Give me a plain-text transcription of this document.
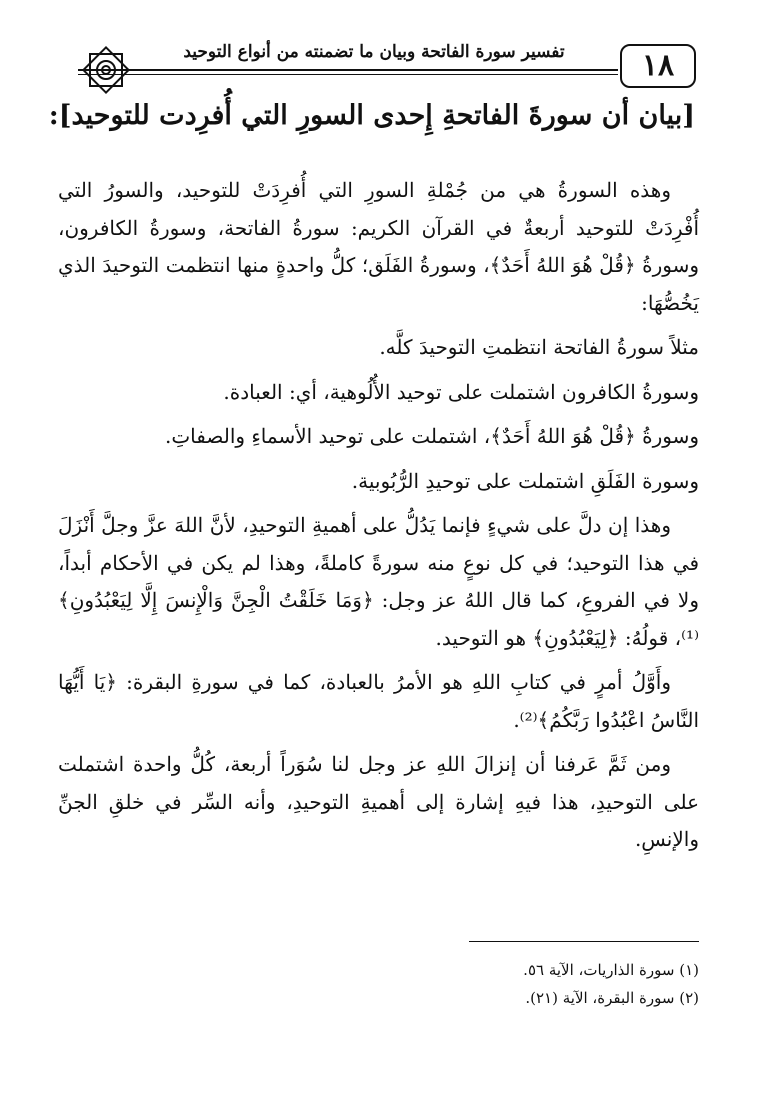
١٨
تفسير سورة الفاتحة وبيان ما تضمنته من أنواع التوحيد
[بيان أن سورةَ الفاتحةِ إِحدى السورِ التي أُفرِدت للتوحيد]:

وهذه السورةُ هي من جُمْلةِ السورِ التي أُفرِدَتْ للتوحيد، والسورُ التي أُفْرِدَتْ للتوحيد أربعةٌ في القرآن الكريم: سورةُ الفاتحة، وسورةُ الكافرون، وسورةُ ﴿قُلْ هُوَ اللهُ أَحَدٌ﴾، وسورةُ الفَلَق؛ كلُّ واحدةٍ منها انتظمت التوحيدَ الذي يَخُصُّهَا:

مثلاً سورةُ الفاتحة انتظمتِ التوحيدَ كلَّه.

وسورةُ الكافرون اشتملت على توحيد الأُلُوهية، أي: العبادة.

وسورةُ ﴿قُلْ هُوَ اللهُ أَحَدٌ﴾، اشتملت على توحيد الأسماءِ والصفاتِ.

وسورة الفَلَقِ اشتملت على توحيدِ الرُّبُوبية.

وهذا إن دلَّ على شيءٍ فإنما يَدُلُّ على أهميةِ التوحيدِ، لأنَّ اللهَ عزَّ وجلَّ أَنْزَلَ في هذا التوحيد؛ في كل نوعٍ منه سورةً كاملةً، وهذا لم يكن في الأحكام أبداً، ولا في الفروعِ، كما قال اللهُ عز وجل: ﴿وَمَا خَلَقْتُ الْجِنَّ وَالْإِنسَ إِلَّا لِيَعْبُدُونِ﴾⁽¹⁾، قولُهُ: ﴿لِيَعْبُدُونِ﴾ هو التوحيد.

وأَوَّلُ أمرٍ في كتابِ اللهِ هو الأمرُ بالعبادة، كما في سورةِ البقرة: ﴿يَا أَيُّهَا النَّاسُ اعْبُدُوا رَبَّكُمُ﴾⁽²⁾.

ومن ثَمَّ عَرفنا أن إنزالَ اللهِ عز وجل لنا سُوَراً أربعة، كُلُّ واحدة اشتملت على التوحيدِ، هذا فيهِ إشارة إلى أهميةِ التوحيدِ، وأنه السِّر في خلقِ الجنِّ والإنسِ.

(١) سورة الذاريات، الآية ٥٦.
(٢) سورة البقرة، الآية (٢١).
